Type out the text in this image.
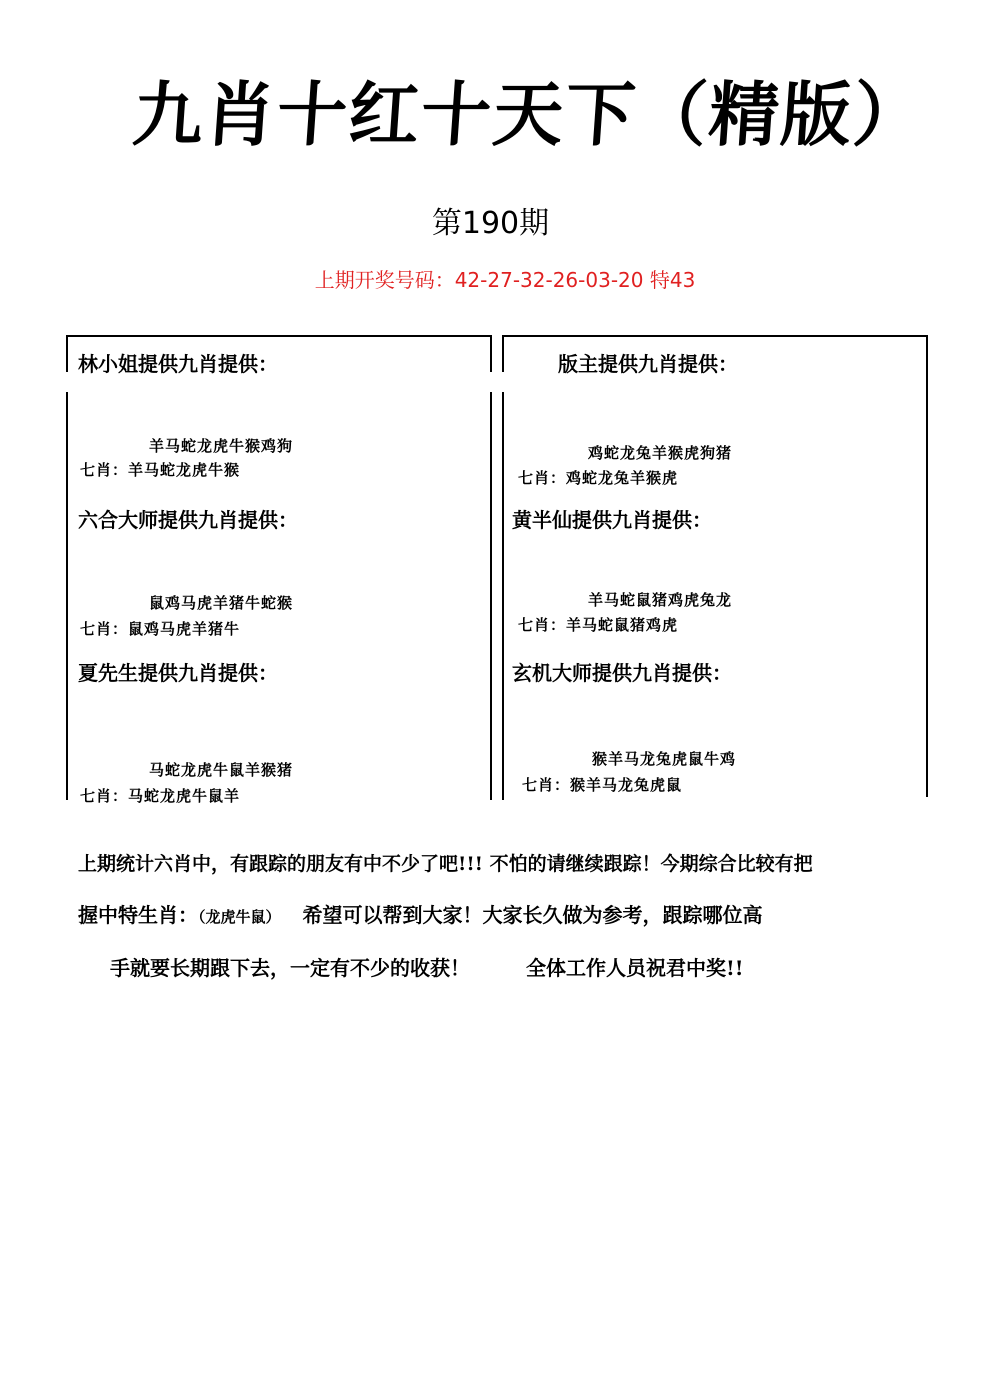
九肖十红十天下（精版）
第190期
上期开奖号码：42-27-32-26-03-20 特43
林小姐提供九肖提供：
羊马蛇龙虎牛猴鸡狗
七肖：羊马蛇龙虎牛猴
六合大师提供九肖提供：
鼠鸡马虎羊猪牛蛇猴
七肖：鼠鸡马虎羊猪牛
夏先生提供九肖提供：
马蛇龙虎牛鼠羊猴猪
七肖：马蛇龙虎牛鼠羊
版主提供九肖提供：
鸡蛇龙兔羊猴虎狗猪
七肖：鸡蛇龙兔羊猴虎
黄半仙提供九肖提供：
羊马蛇鼠猪鸡虎兔龙
七肖：羊马蛇鼠猪鸡虎
玄机大师提供九肖提供：
猴羊马龙兔虎鼠牛鸡
七肖：猴羊马龙兔虎鼠
上期统计六肖中，有跟踪的朋友有中不少了吧!!! 不怕的请继续跟踪！今期综合比较有把
握中特生肖：（龙虎牛鼠） 希望可以帮到大家！大家长久做为参考，跟踪哪位高
手就要长期跟下去，一定有不少的收获！	全体工作人员祝君中奖!!
